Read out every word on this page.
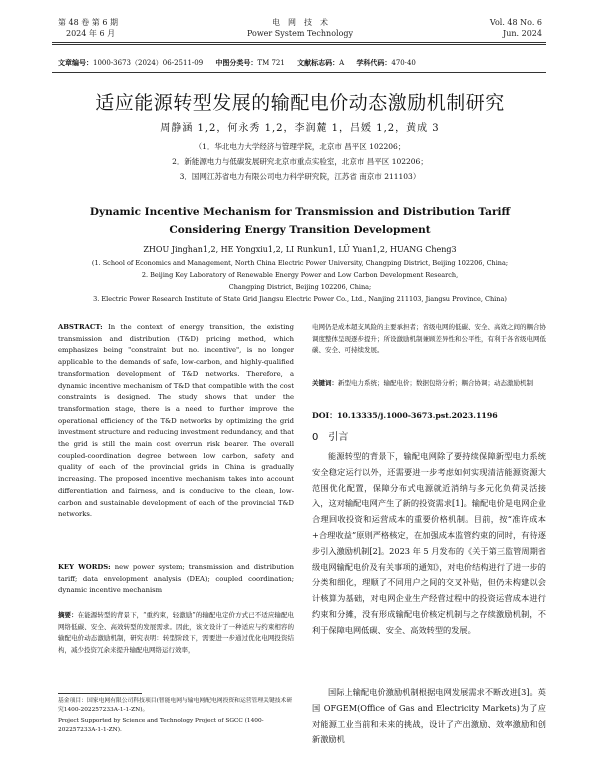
第 48 卷 第 6 期
2024 年 6 月
电　网　技　术
Power System Technology
Vol. 48 No. 6
Jun. 2024
文章编号：1000-3673（2024）06-2511-09 中图分类号：TM 721 文献标志码：A 学科代码：470·40
适应能源转型发展的输配电价动态激励机制研究
周静涵 1,2，何永秀 1,2，李润麓 1，吕媛 1,2，黄成 3
（1．华北电力大学经济与管理学院，北京市 昌平区 102206；
2．新能源电力与低碳发展研究北京市重点实验室，北京市 昌平区 102206；
3．国网江苏省电力有限公司电力科学研究院，江苏省 南京市 211103）
Dynamic Incentive Mechanism for Transmission and Distribution Tariff
Considering Energy Transition Development
ZHOU Jinghan1,2, HE Yongxiu1,2, LI Runkun1, LÜ Yuan1,2, HUANG Cheng3
(1. School of Economics and Management, North China Electric Power University, Changping District, Beijing 102206, China;
2. Beijing Key Laboratory of Renewable Energy Power and Low Carbon Development Research,
Changping District, Beijing 102206, China;
3. Electric Power Research Institute of State Grid Jiangsu Electric Power Co., Ltd., Nanjing 211103, Jiangsu Province, China)
ABSTRACT: In the context of energy transition, the existing transmission and distribution (T&D) pricing method, which emphasizes being "constraint but no. incentive", is no longer applicable to the demands of safe, low-carbon, and highly-qualified transformation development of T&D networks. Therefore, a dynamic incentive mechanism of T&D that compatible with the cost constraints is designed. The study shows that under the transformation stage, there is a need to further improve the operational efficiency of the T&D networks by optimizing the grid investment structure and reducing investment redundancy, and that the grid is still the main cost overrun risk bearer. The overall coupled-coordination degree between low carbon, safety and quality of each of the provincial grids in China is gradually increasing. The proposed incentive mechanism takes into account differentiation and fairness, and is conducive to the clean, low-carbon and sustainable development of each of the provincial T&D networks.
KEY WORDS: new power system; transmission and distribution tariff; data envelopment analysis (DEA); coupled coordination; dynamic incentive mechanism
摘要：在能源转型的背景下，“重约束，轻激励”的输配电定价方式已不适应输配电网络低碳、安全、高效转型的发展需求。因此，该文设计了一种适应与约束相容的输配电价动态激励机制，研究表明：转型阶段下，需要进一步通过优化电网投资结构，减少投资冗余来提升输配电网络运行效率，
基金项目：国家电网有限公司科技项目(智能电网与输电网配电网投资和运营管理关键技术研究1400-202257233A-1-1-ZN)。
Project Supported by Science and Technology Project of SGCC (1400-202257233A-1-1-ZN).
电网仍是成本超支风险的主要承担者；省级电网的低碳、安全、高效之间的耦合协调度整体呈现逐步提升；所设激励机制兼顾差异性和公平性，有利于各省级电网低碳、安全、可持续发展。
关键词：新型电力系统；输配电价；数据包络分析；耦合协调；动态激励机制
DOI：10.13335/j.1000-3673.pst.2023.1196
0　引言
能源转型的背景下，输配电网除了要持续保障新型电力系统安全稳定运行以外，还需要进一步考虑如何实现清洁能源资源大范围优化配置，保障分布式电源就近消纳与多元化负荷灵活接入，这对输配电网产生了新的投资需求[1]。输配电价是电网企业合理回收投资和运营成本的重要价格机制。目前，按“准许成本+合理收益”原则严格核定，在加强成本监管约束的同时，有待逐步引入激励机制[2]。2023 年 5 月发布的《关于第三监管周期省级电网输配电价及有关事项的通知》，对电价结构进行了进一步的分类和细化，理顺了不同用户之间的交叉补贴，但仍未构建以会计核算为基础，对电网企业生产经营过程中的投资运营成本进行约束和分摊，没有形成输配电价核定机制与之存续激励机制，不利于保障电网低碳、安全、高效转型的发展。
国际上输配电价激励机制根据电网发展需求不断改进[3]。英国 OFGEM(Office of Gas and Electricity Markets)为了应对能源工业当前和未来的挑战，设计了产出激励、效率激励和创新激励机
